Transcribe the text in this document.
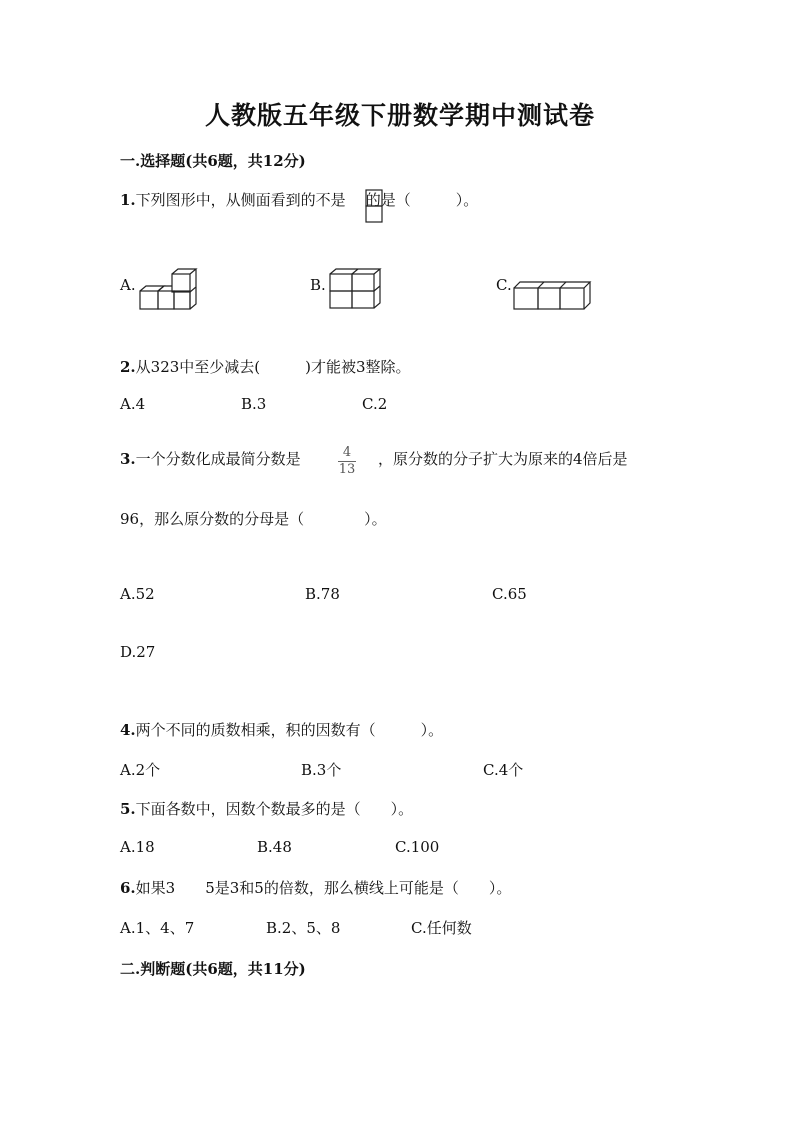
人教版五年级下册数学期中测试卷
一.选择题(共6题，共12分)
1.下列图形中，从侧面看到的不是 的是（　　　）。
A.	B.	C.
2.从323中至少减去(　　　)才能被3整除。
A.4	B.3	C.2
3.一个分数化成最简分数是	$\frac{4}{13}$ ，原分数的分子扩大为原来的4倍后是
96，那么原分数的分母是（　　　　）。
A.52	B.78	C.65
D.27
4.两个不同的质数相乘，积的因数有（　　　）。
A.2个	B.3个	C.4个
5.下面各数中，因数个数最多的是（　　）。
A.18	B.48	C.100
6.如果3　　5是3和5的倍数，那么横线上可能是（　　）。
A.1、4、7	B.2、5、8	C.任何数
二.判断题(共6题，共11分)
